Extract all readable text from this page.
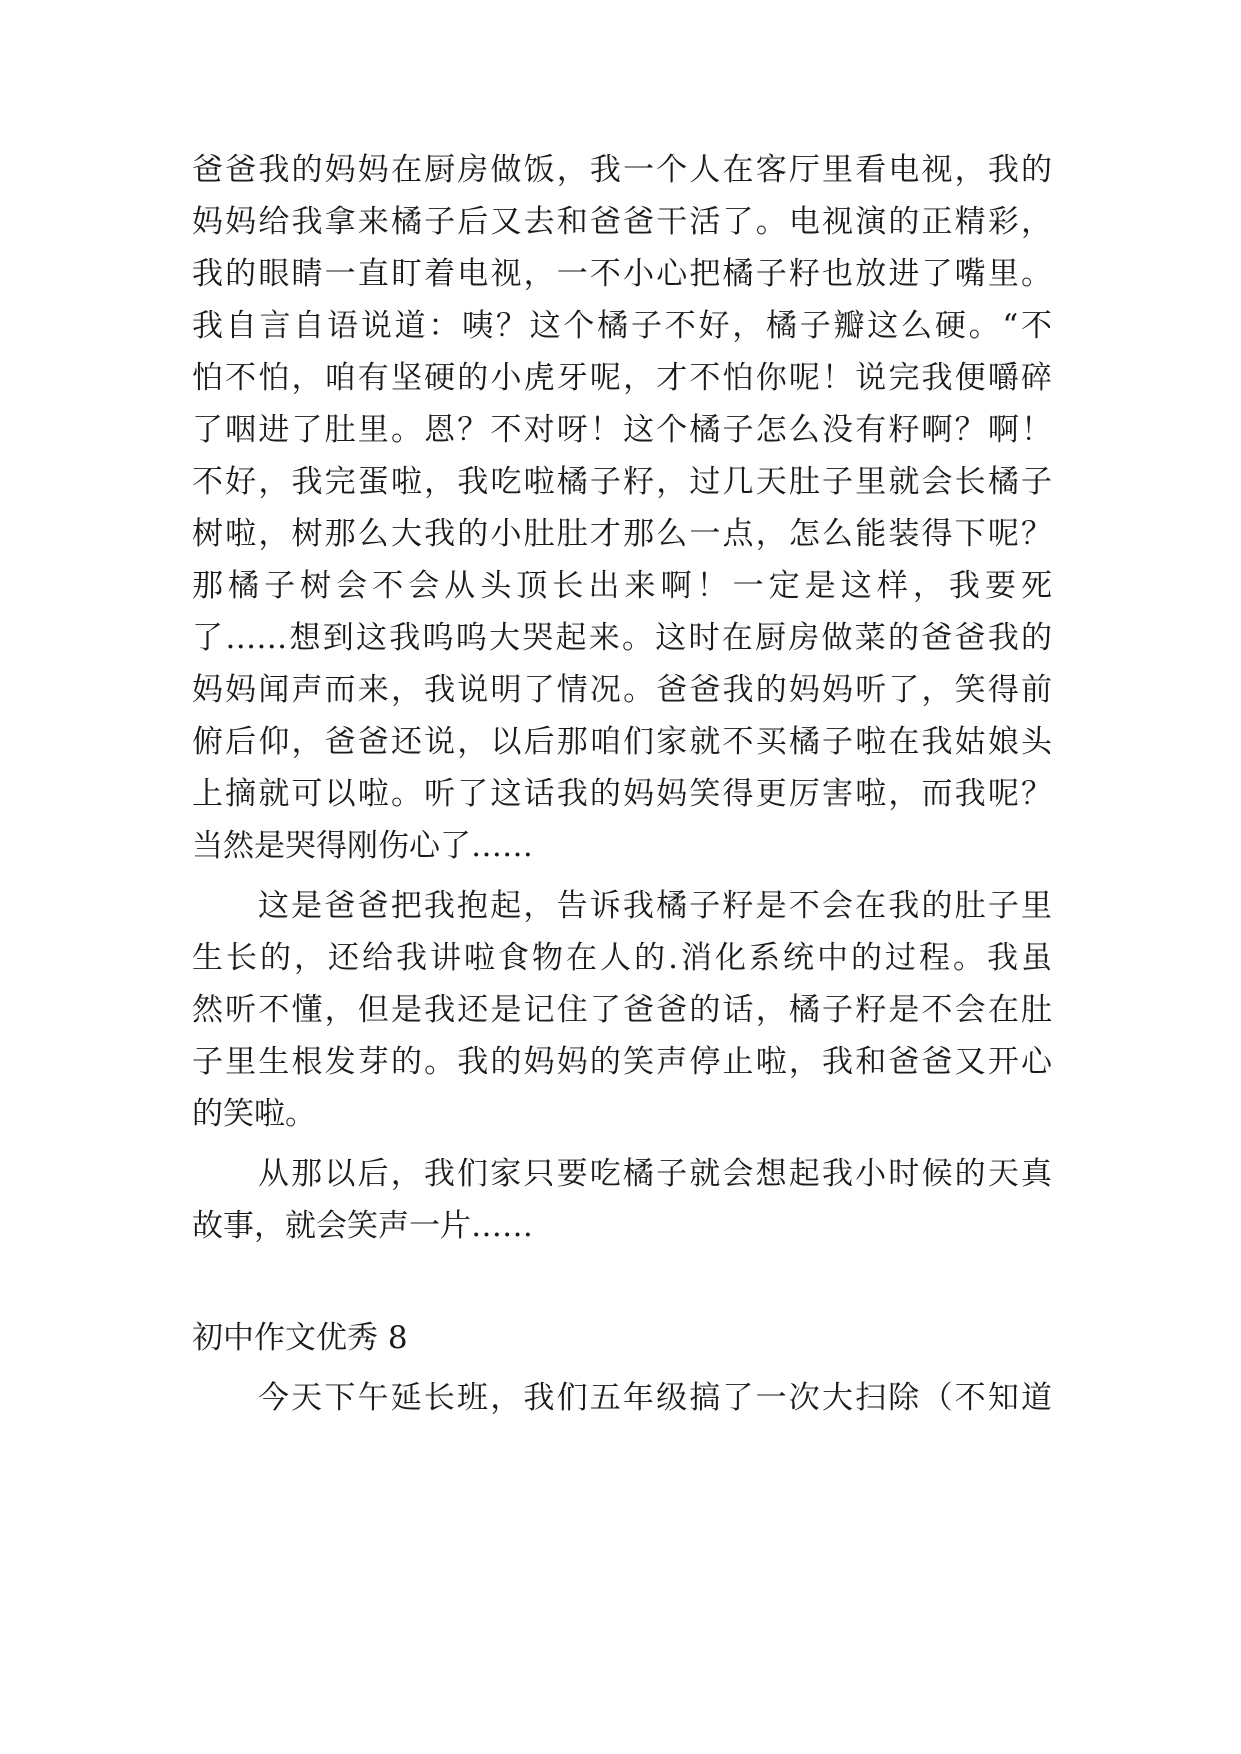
爸爸我的妈妈在厨房做饭，我一个人在客厅里看电视，我的
妈妈给我拿来橘子后又去和爸爸干活了。电视演的正精彩，
我的眼睛一直盯着电视，一不小心把橘子籽也放进了嘴里。
我自言自语说道：咦？这个橘子不好，橘子瓣这么硬。“不
怕不怕，咱有坚硬的小虎牙呢，才不怕你呢！说完我便嚼碎
了咽进了肚里。恩？不对呀！这个橘子怎么没有籽啊？啊！
不好，我完蛋啦，我吃啦橘子籽，过几天肚子里就会长橘子
树啦，树那么大我的小肚肚才那么一点，怎么能装得下呢？
那橘子树会不会从头顶长出来啊！一定是这样，我要死
了……想到这我呜呜大哭起来。这时在厨房做菜的爸爸我的
妈妈闻声而来，我说明了情况。爸爸我的妈妈听了，笑得前
俯后仰，爸爸还说，以后那咱们家就不买橘子啦在我姑娘头
上摘就可以啦。听了这话我的妈妈笑得更厉害啦，而我呢？
当然是哭得刚伤心了……
这是爸爸把我抱起，告诉我橘子籽是不会在我的肚子里
生长的，还给我讲啦食物在人的.消化系统中的过程。我虽
然听不懂，但是我还是记住了爸爸的话，橘子籽是不会在肚
子里生根发芽的。我的妈妈的笑声停止啦，我和爸爸又开心
的笑啦。
从那以后，我们家只要吃橘子就会想起我小时候的天真
故事，就会笑声一片……
初中作文优秀 8
今天下午延长班，我们五年级搞了一次大扫除（不知道
